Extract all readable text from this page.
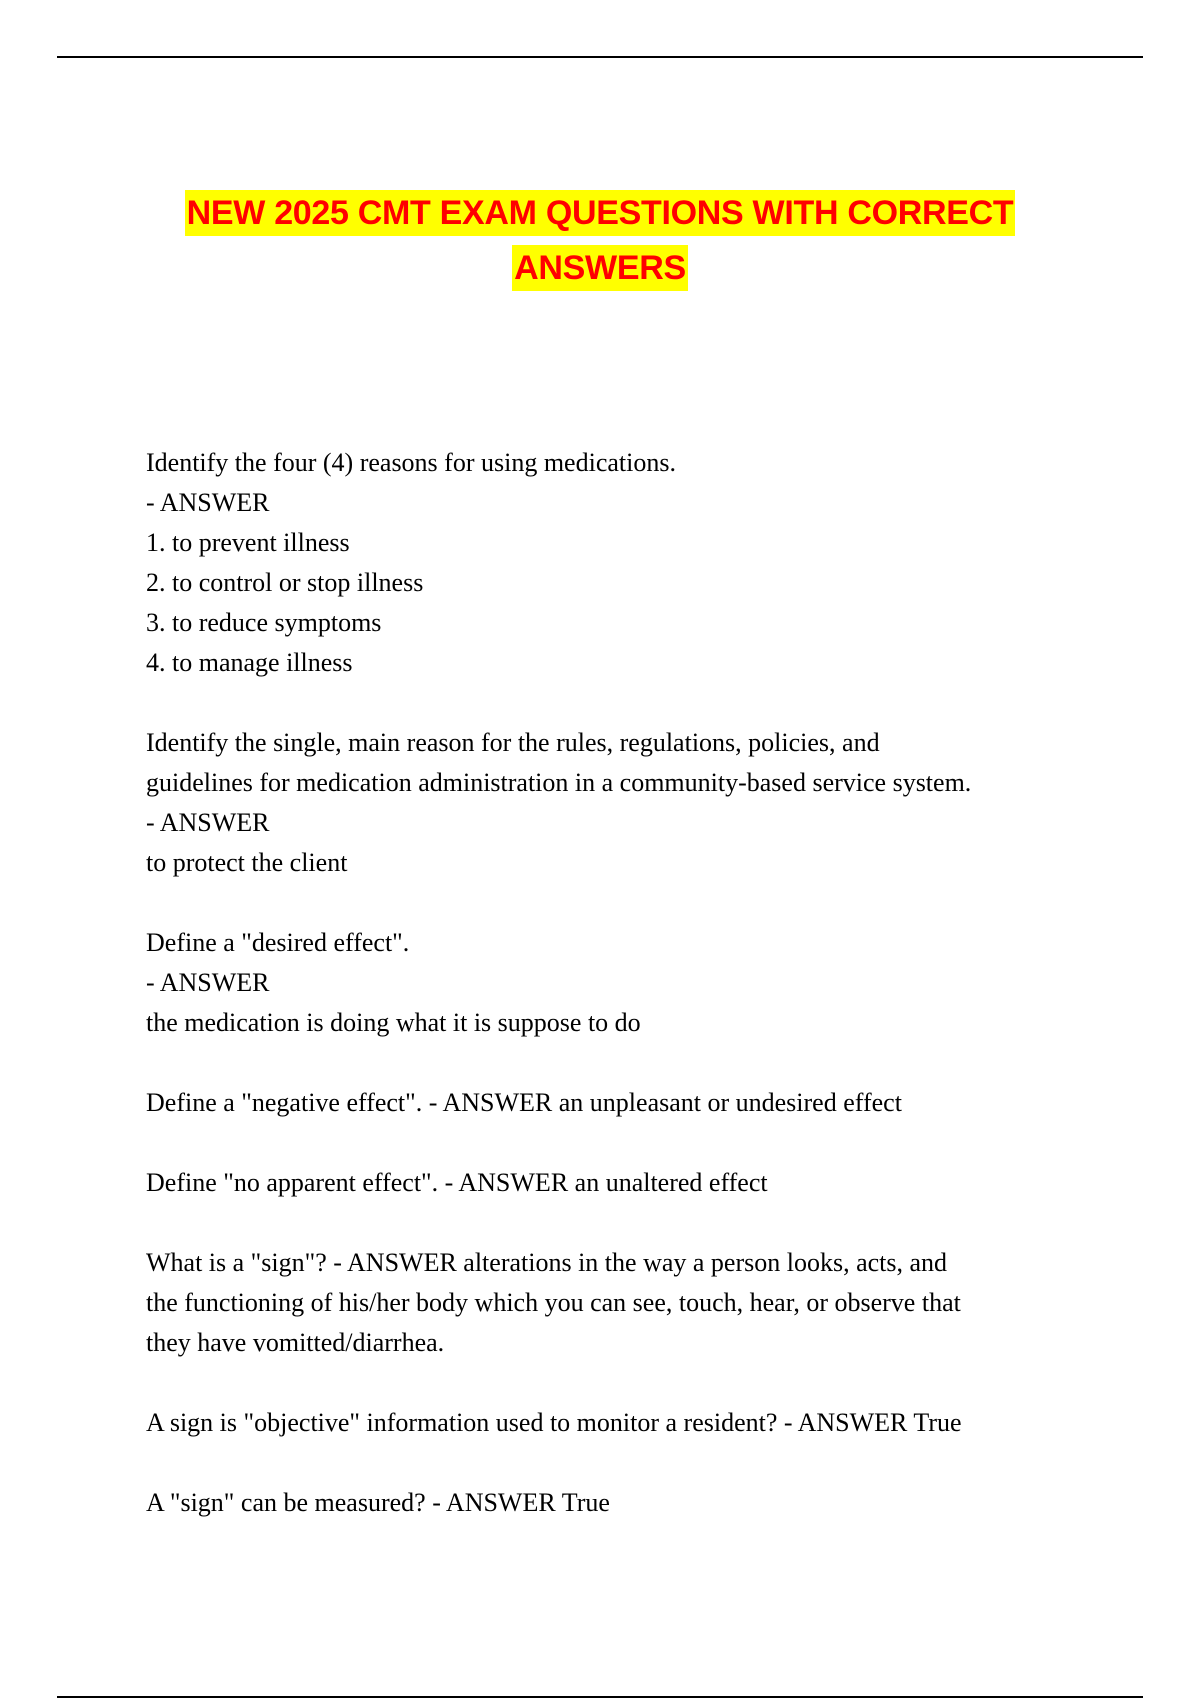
NEW 2025 CMT EXAM QUESTIONS WITH CORRECT
ANSWERS
Identify the four (4) reasons for using medications.
- ANSWER
1. to prevent illness
2. to control or stop illness
3. to reduce symptoms
4. to manage illness
Identify the single, main reason for the rules, regulations, policies, and
guidelines for medication administration in a community-based service system.
- ANSWER
to protect the client
Define a "desired effect".
- ANSWER
the medication is doing what it is suppose to do
Define a "negative effect". - ANSWER an unpleasant or undesired effect
Define "no apparent effect". - ANSWER an unaltered effect
What is a "sign"? - ANSWER alterations in the way a person looks, acts, and
the functioning of his/her body which you can see, touch, hear, or observe that
they have vomitted/diarrhea.
A sign is "objective" information used to monitor a resident? - ANSWER True
A "sign" can be measured? - ANSWER True
